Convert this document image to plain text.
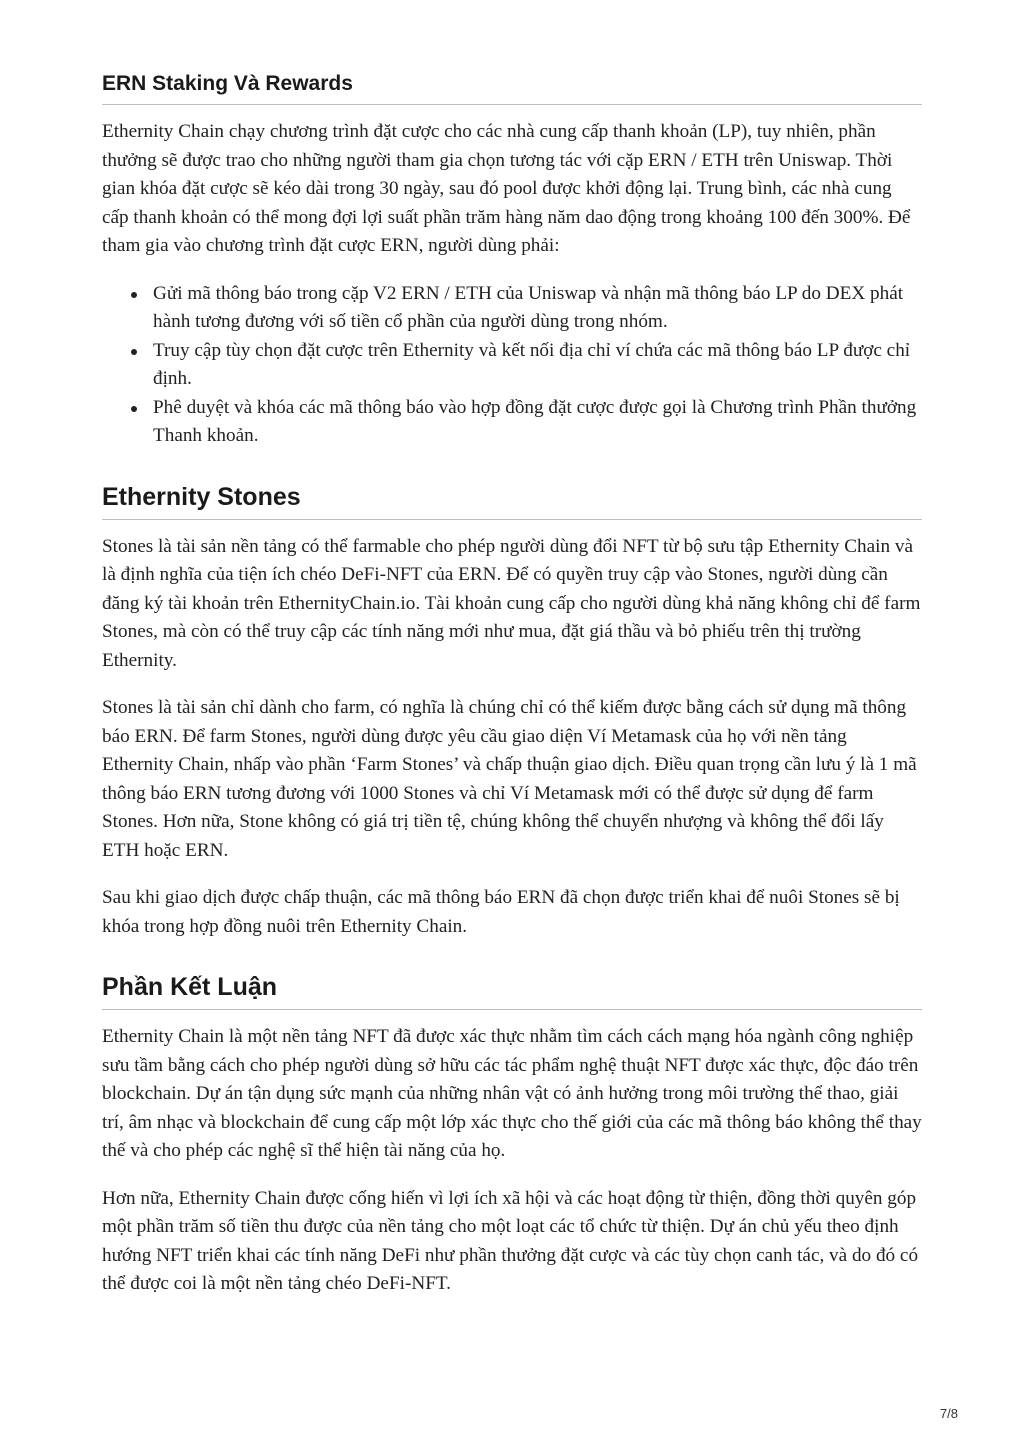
ERN Staking Và Rewards

Ethernity Chain chạy chương trình đặt cược cho các nhà cung cấp thanh khoản (LP), tuy nhiên, phần thưởng sẽ được trao cho những người tham gia chọn tương tác với cặp ERN / ETH trên Uniswap. Thời gian khóa đặt cược sẽ kéo dài trong 30 ngày, sau đó pool được khởi động lại. Trung bình, các nhà cung cấp thanh khoản có thể mong đợi lợi suất phần trăm hàng năm dao động trong khoảng 100 đến 300%. Để tham gia vào chương trình đặt cược ERN, người dùng phải:

Gửi mã thông báo trong cặp V2 ERN / ETH của Uniswap và nhận mã thông báo LP do DEX phát hành tương đương với số tiền cổ phần của người dùng trong nhóm.
Truy cập tùy chọn đặt cược trên Ethernity và kết nối địa chỉ ví chứa các mã thông báo LP được chỉ định.
Phê duyệt và khóa các mã thông báo vào hợp đồng đặt cược được gọi là Chương trình Phần thưởng Thanh khoản.
Ethernity Stones

Stones là tài sản nền tảng có thể farmable cho phép người dùng đổi NFT từ bộ sưu tập Ethernity Chain và là định nghĩa của tiện ích chéo DeFi-NFT của ERN. Để có quyền truy cập vào Stones, người dùng cần đăng ký tài khoản trên EthernityChain.io. Tài khoản cung cấp cho người dùng khả năng không chỉ để farm Stones, mà còn có thể truy cập các tính năng mới như mua, đặt giá thầu và bỏ phiếu trên thị trường Ethernity.

Stones là tài sản chỉ dành cho farm, có nghĩa là chúng chỉ có thể kiếm được bằng cách sử dụng mã thông báo ERN. Để farm Stones, người dùng được yêu cầu giao diện Ví Metamask của họ với nền tảng Ethernity Chain, nhấp vào phần ‘Farm Stones’ và chấp thuận giao dịch. Điều quan trọng cần lưu ý là 1 mã thông báo ERN tương đương với 1000 Stones và chỉ Ví Metamask mới có thể được sử dụng để farm Stones. Hơn nữa, Stone không có giá trị tiền tệ, chúng không thể chuyển nhượng và không thể đổi lấy ETH hoặc ERN.

Sau khi giao dịch được chấp thuận, các mã thông báo ERN đã chọn được triển khai để nuôi Stones sẽ bị khóa trong hợp đồng nuôi trên Ethernity Chain.

Phần Kết Luận

Ethernity Chain là một nền tảng NFT đã được xác thực nhằm tìm cách cách mạng hóa ngành công nghiệp sưu tầm bằng cách cho phép người dùng sở hữu các tác phẩm nghệ thuật NFT được xác thực, độc đáo trên blockchain. Dự án tận dụng sức mạnh của những nhân vật có ảnh hưởng trong môi trường thể thao, giải trí, âm nhạc và blockchain để cung cấp một lớp xác thực cho thế giới của các mã thông báo không thể thay thế và cho phép các nghệ sĩ thể hiện tài năng của họ.

Hơn nữa, Ethernity Chain được cống hiến vì lợi ích xã hội và các hoạt động từ thiện, đồng thời quyên góp một phần trăm số tiền thu được của nền tảng cho một loạt các tổ chức từ thiện. Dự án chủ yếu theo định hướng NFT triển khai các tính năng DeFi như phần thưởng đặt cược và các tùy chọn canh tác, và do đó có thể được coi là một nền tảng chéo DeFi-NFT.

7/8
